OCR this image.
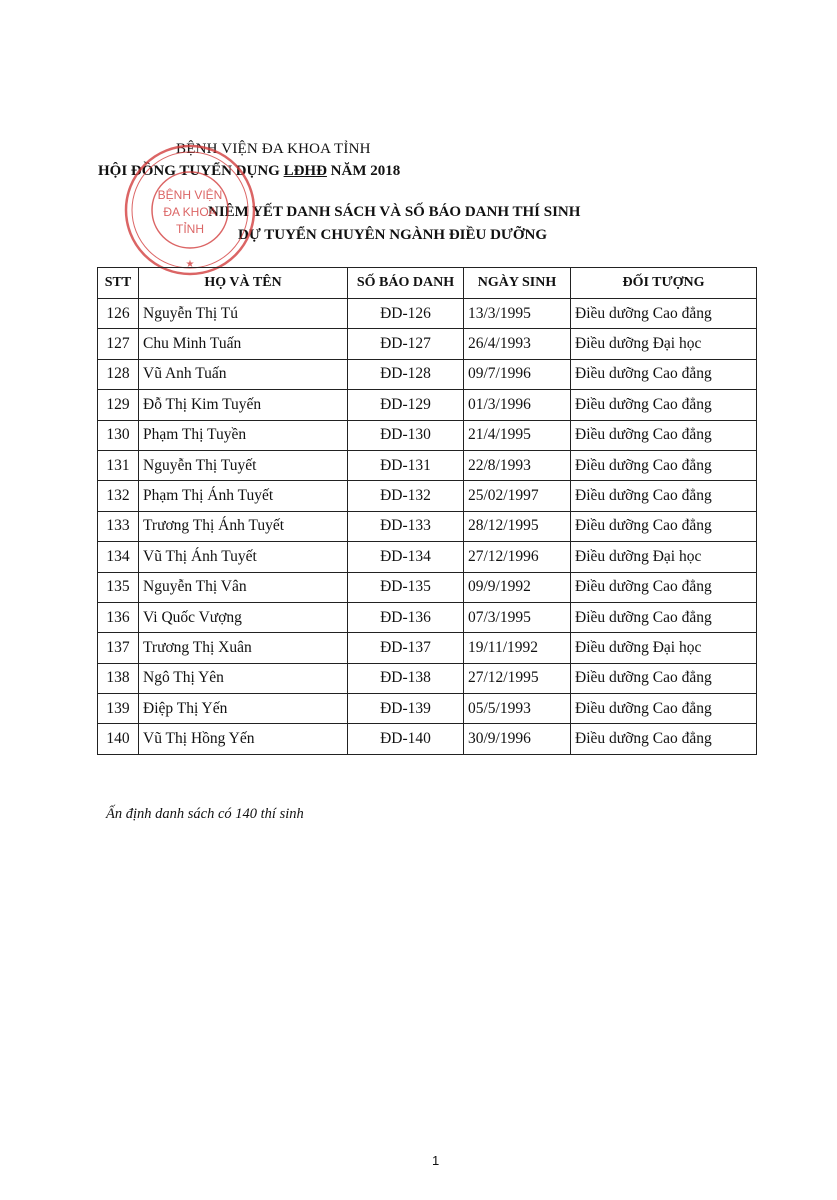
BỆNH VIỆN ĐA KHOA TỈNH
HỘI ĐỒNG TUYỂN DỤNG LĐHĐ NĂM 2018
NIÊM YẾT DANH SÁCH VÀ SỐ BÁO DANH THÍ SINH
DỰ TUYỂN CHUYÊN NGÀNH ĐIỀU DƯỠNG
BỆNH VIỆN
ĐA KHOA
TỈNH
★
STT	HỌ VÀ TÊN	SỐ BÁO DANH	NGÀY SINH	ĐỐI TƯỢNG
126	Nguyễn Thị Tú	ĐD-126	13/3/1995	Điều dưỡng Cao đẳng
127	Chu Minh Tuấn	ĐD-127	26/4/1993	Điều dưỡng Đại học
128	Vũ Anh Tuấn	ĐD-128	09/7/1996	Điều dưỡng Cao đẳng
129	Đỗ Thị Kim Tuyến	ĐD-129	01/3/1996	Điều dưỡng Cao đẳng
130	Phạm Thị Tuyền	ĐD-130	21/4/1995	Điều dưỡng Cao đẳng
131	Nguyễn Thị Tuyết	ĐD-131	22/8/1993	Điều dưỡng Cao đẳng
132	Phạm Thị Ánh Tuyết	ĐD-132	25/02/1997	Điều dưỡng Cao đẳng
133	Trương Thị Ánh Tuyết	ĐD-133	28/12/1995	Điều dưỡng Cao đẳng
134	Vũ Thị Ánh Tuyết	ĐD-134	27/12/1996	Điều dưỡng Đại học
135	Nguyễn Thị Vân	ĐD-135	09/9/1992	Điều dưỡng Cao đẳng
136	Vi Quốc Vượng	ĐD-136	07/3/1995	Điều dưỡng Cao đẳng
137	Trương Thị Xuân	ĐD-137	19/11/1992	Điều dưỡng Đại học
138	Ngô Thị Yên	ĐD-138	27/12/1995	Điều dưỡng Cao đẳng
139	Điệp Thị Yến	ĐD-139	05/5/1993	Điều dưỡng Cao đẳng
140	Vũ Thị Hồng Yến	ĐD-140	30/9/1996	Điều dưỡng Cao đẳng
Ấn định danh sách có 140 thí sinh
1
